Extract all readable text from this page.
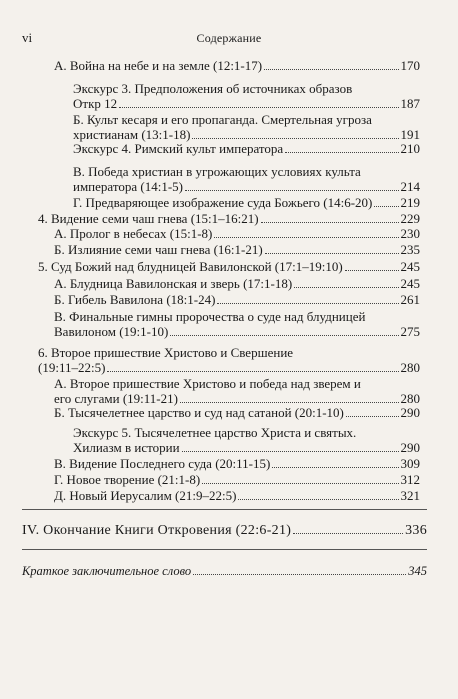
vi	Содержание
А. Война на небе и на земле (12:1-17)	170
Экскурс 3. Предположения об источниках образов
Откр 12	187
Б. Культ кесаря и его пропаганда. Смертельная угроза
христианам (13:1-18)	191
Экскурс 4. Римский культ императора	210
В. Победа христиан в угрожающих условиях культа
императора (14:1-5)	214
Г. Предваряющее изображение суда Божьего (14:6-20) 219
4. Видение семи чаш гнева (15:1–16:21)	229
А. Пролог в небесах (15:1-8)	230
Б. Излияние семи чаш гнева (16:1-21)	235
5. Суд Божий над блудницей Вавилонской (17:1–19:10)	245
А. Блудница Вавилонская и зверь (17:1-18)	245
Б. Гибель Вавилона (18:1-24)	261
В. Финальные гимны пророчества о суде над блудницей
Вавилоном (19:1-10)	275
6. Второе пришествие Христово и Свершение
(19:11–22:5)	280
А. Второе пришествие Христово и победа над зверем и
его слугами (19:11-21)	280
Б. Тысячелетнее царство и суд над сатаной (20:1-10)	290
Экскурс 5. Тысячелетнее царство Христа и святых.
Хилиазм в истории	290
В. Видение Последнего суда (20:11-15)	309
Г. Новое творение (21:1-8)	312
Д. Новый Иерусалим (21:9–22:5)	321
IV. Окончание Книги Откровения (22:6-21)	336
Краткое заключительное слово	345
